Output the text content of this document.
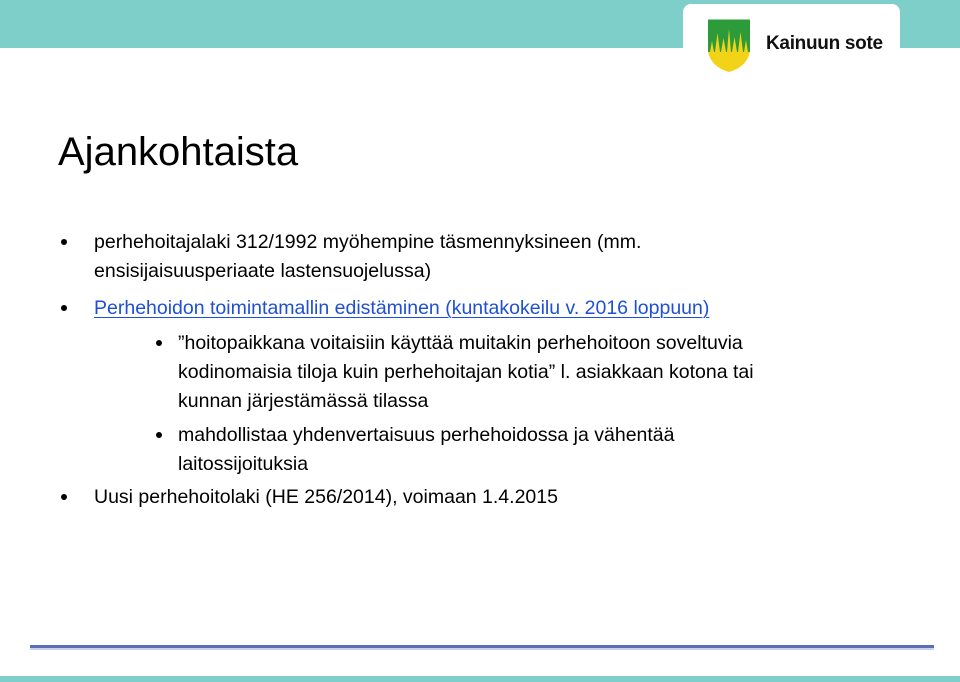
Kainuun sote
Ajankohtaista
perhehoitajalaki 312/1992 myöhempine täsmennyksineen (mm.
ensisijaisuusperiaate lastensuojelussa)
Perhehoidon toimintamallin edistäminen (kuntakokeilu v. 2016 loppuun)
”hoitopaikkana voitaisiin käyttää muitakin perhehoitoon soveltuvia
kodinomaisia tiloja kuin perhehoitajan kotia” l. asiakkaan kotona tai
kunnan järjestämässä tilassa
mahdollistaa yhdenvertaisuus perhehoidossa ja vähentää
laitossijoituksia
Uusi perhehoitolaki (HE 256/2014), voimaan 1.4.2015
